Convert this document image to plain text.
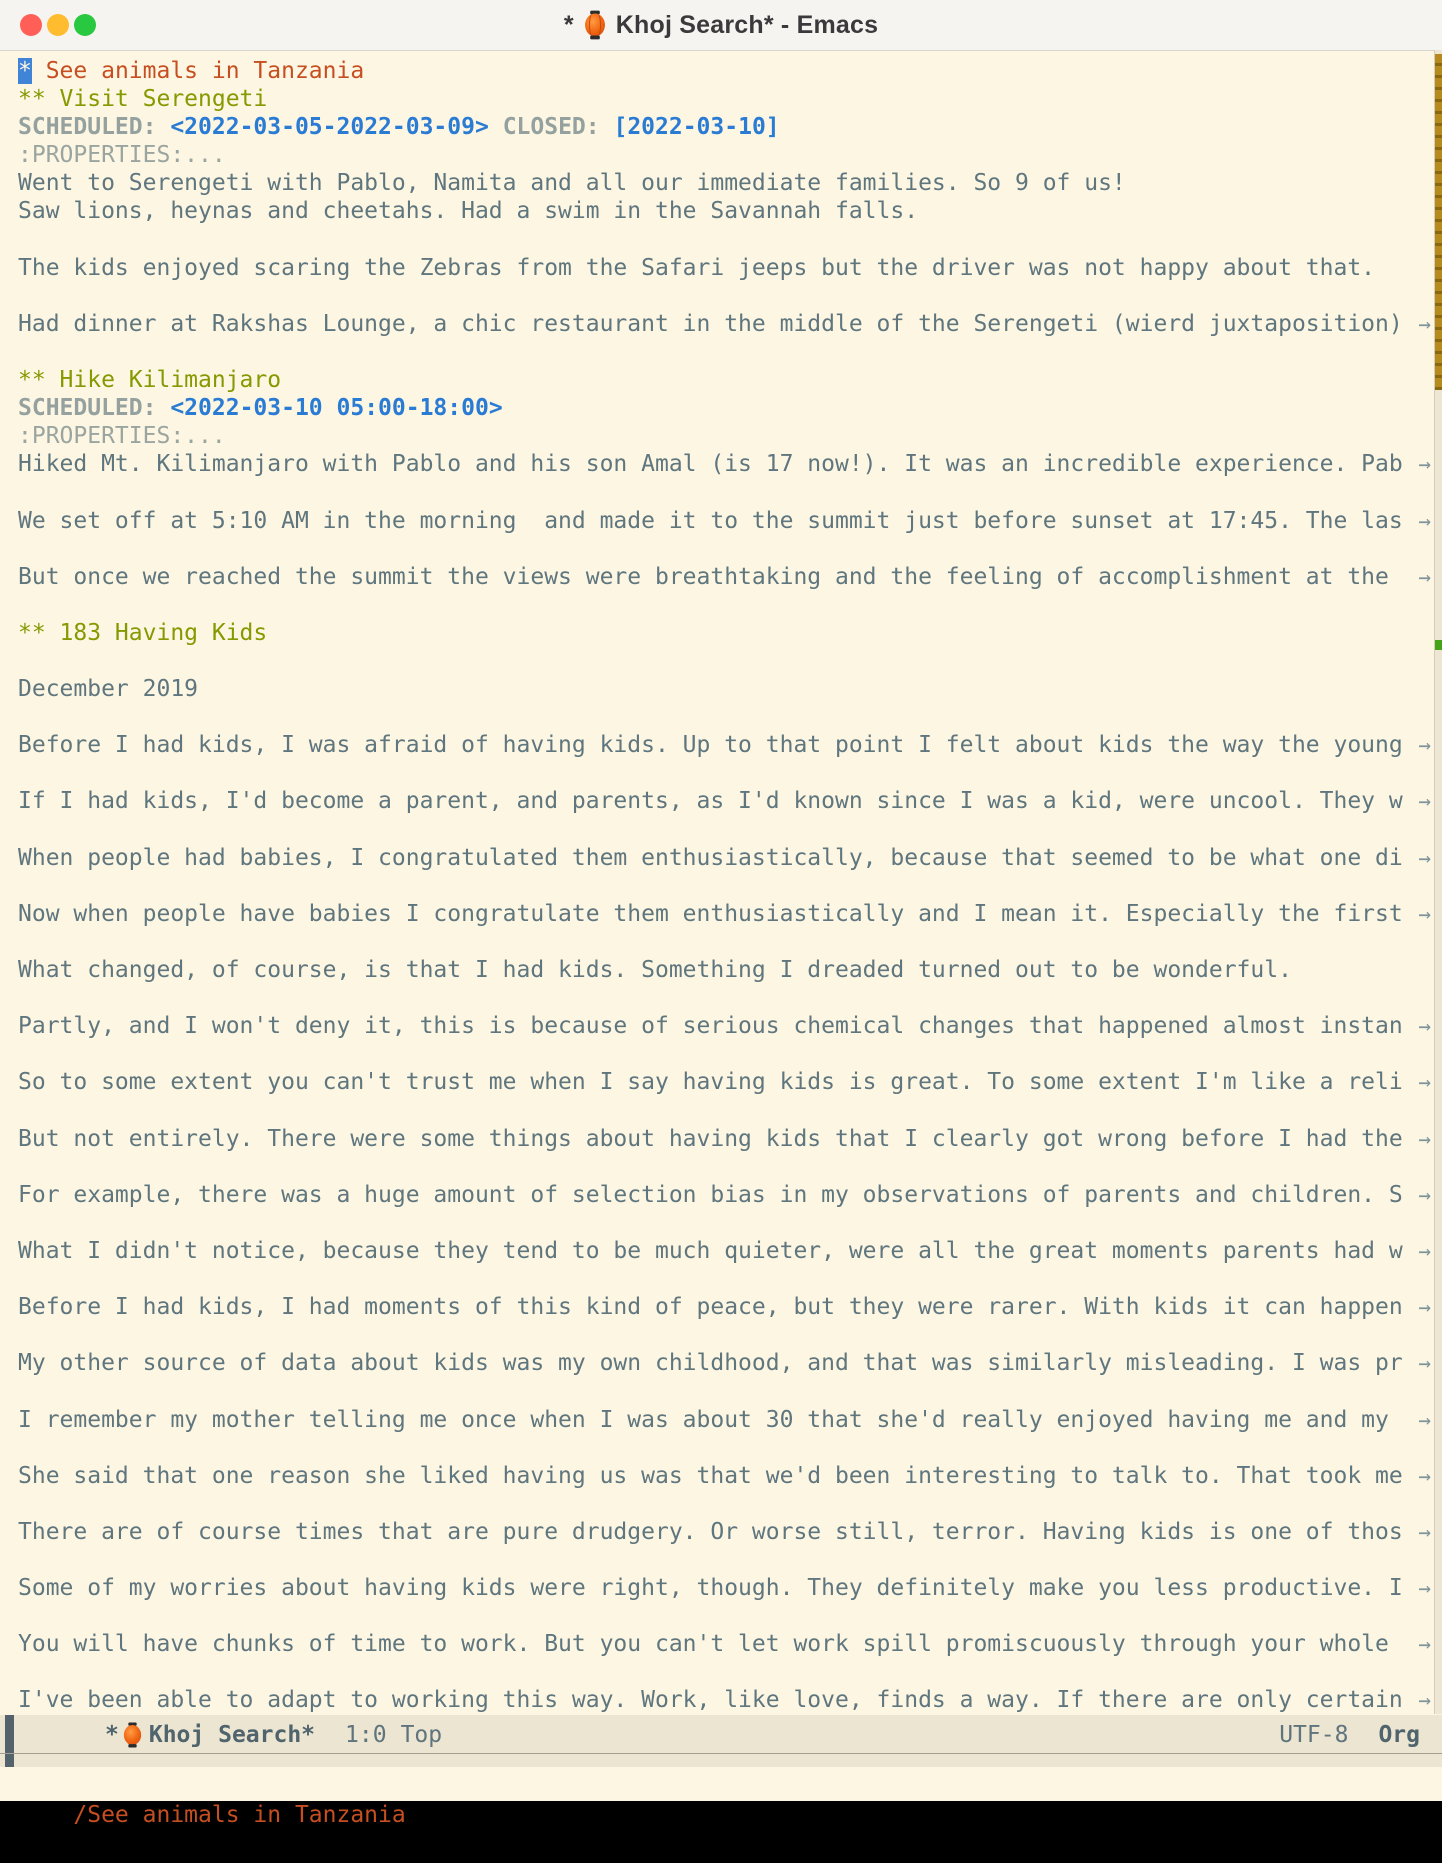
* Khoj Search* - Emacs
* See animals in Tanzania
** Visit Serengeti
SCHEDULED: <2022-03-05-2022-03-09> CLOSED: [2022-03-10]
:PROPERTIES:...
Went to Serengeti with Pablo, Namita and all our immediate families. So 9 of us!
Saw lions, heynas and cheetahs. Had a swim in the Savannah falls.
The kids enjoyed scaring the Zebras from the Safari jeeps but the driver was not happy about that.
Had dinner at Rakshas Lounge, a chic restaurant in the middle of the Serengeti (wierd juxtaposition) →
** Hike Kilimanjaro
SCHEDULED: <2022-03-10 05:00-18:00>
:PROPERTIES:...
Hiked Mt. Kilimanjaro with Pablo and his son Amal (is 17 now!). It was an incredible experience. Pab →
We set off at 5:10 AM in the morning  and made it to the summit just before sunset at 17:45. The las →
But once we reached the summit the views were breathtaking and the feeling of accomplishment at the →
** 183 Having Kids
December 2019
Before I had kids, I was afraid of having kids. Up to that point I felt about kids the way the young →
If I had kids, I'd become a parent, and parents, as I'd known since I was a kid, were uncool. They w →
When people had babies, I congratulated them enthusiastically, because that seemed to be what one di →
Now when people have babies I congratulate them enthusiastically and I mean it. Especially the first →
What changed, of course, is that I had kids. Something I dreaded turned out to be wonderful.
Partly, and I won't deny it, this is because of serious chemical changes that happened almost instan →
So to some extent you can't trust me when I say having kids is great. To some extent I'm like a reli →
But not entirely. There were some things about having kids that I clearly got wrong before I had the →
For example, there was a huge amount of selection bias in my observations of parents and children. S →
What I didn't notice, because they tend to be much quieter, were all the great moments parents had w →
Before I had kids, I had moments of this kind of peace, but they were rarer. With kids it can happen →
My other source of data about kids was my own childhood, and that was similarly misleading. I was pr →
I remember my mother telling me once when I was about 30 that she'd really enjoyed having me and my →
She said that one reason she liked having us was that we'd been interesting to talk to. That took me →
There are of course times that are pure drudgery. Or worse still, terror. Having kids is one of thos →
Some of my worries about having kids were right, though. They definitely make you less productive. I →
You will have chunks of time to work. But you can't let work spill promiscuously through your whole →
I've been able to adapt to working this way. Work, like love, finds a way. If there are only certain →
* Khoj Search* 1:0 Top	UTF-8 Org

/See animals in Tanzania
